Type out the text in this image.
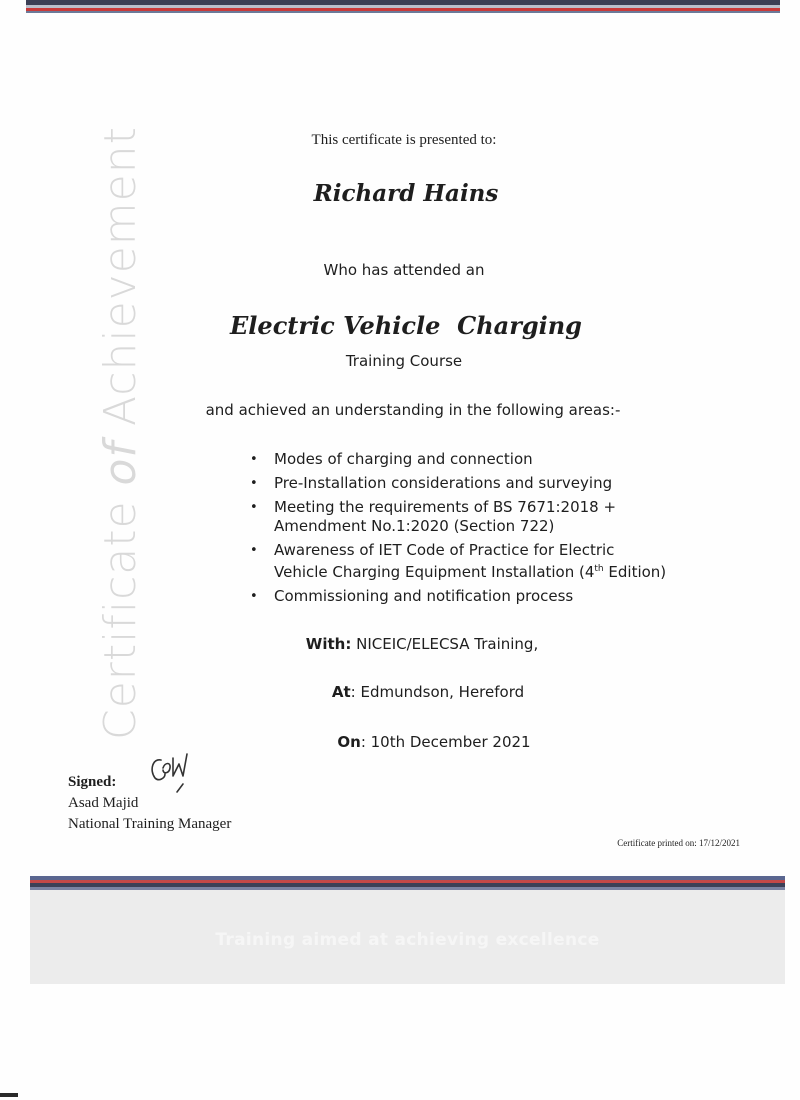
Certificate of Achievement	This certificate is presented to:
Richard Hains
Who has attended an
Electric Vehicle  Charging
Training Course
and achieved an understanding in the following areas:-
• Modes of charging and connection
• Pre-Installation considerations and surveying
• Meeting the requirements of BS 7671:2018 +
Amendment No.1:2020 (Section 722)
• Awareness of IET Code of Practice for Electric
Vehicle Charging Equipment Installation (4th Edition)
• Commissioning and notification process
With: NICEIC/ELECSA Training,
At: Edmundson, Hereford
On: 10th December 2021
Signed:
Asad Majid
National Training Manager
Certificate printed on: 17/12/2021
Training aimed at achieving excellence
